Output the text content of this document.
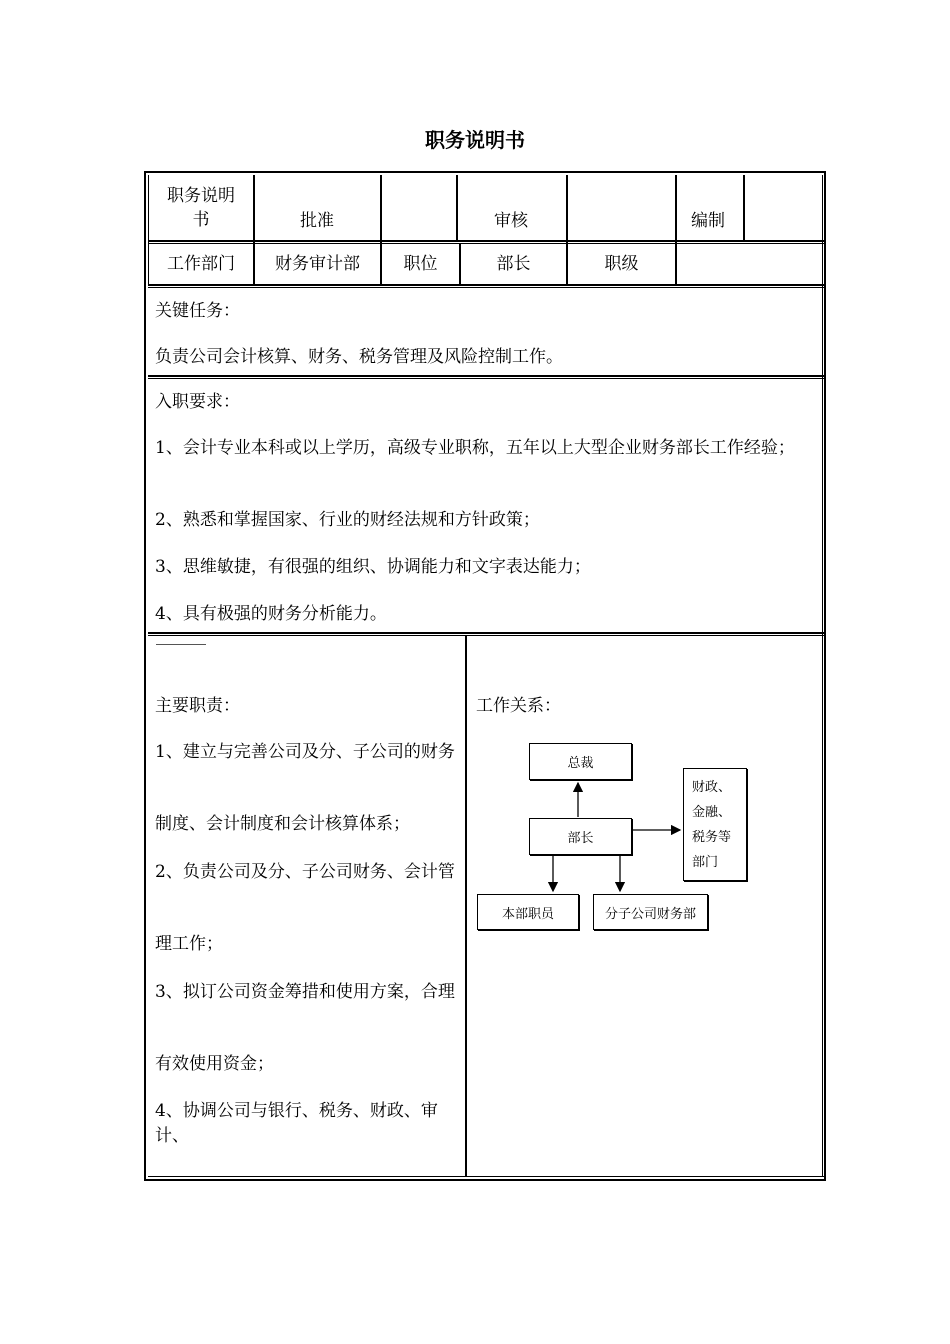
职务说明书
职务说明书	批准	审核	编制
工作部门	财务审计部	职位	部长	职级
关键任务：
负责公司会计核算、财务、税务管理及风险控制工作。
入职要求：
1、会计专业本科或以上学历，高级专业职称，五年以上大型企业财务部长工作经验；
2、熟悉和掌握国家、行业的财经法规和方针政策；
3、思维敏捷，有很强的组织、协调能力和文字表达能力；
4、具有极强的财务分析能力。
主要职责：
1、建立与完善公司及分、子公司的财务
制度、会计制度和会计核算体系；
2、负责公司及分、子公司财务、会计管
理工作；
3、拟订公司资金筹措和使用方案，合理
有效使用资金；
4、协调公司与银行、税务、财政、审计、
工作关系：
总裁
部长
财政、
金融、
税务等
部门
本部职员	分子公司财务部
